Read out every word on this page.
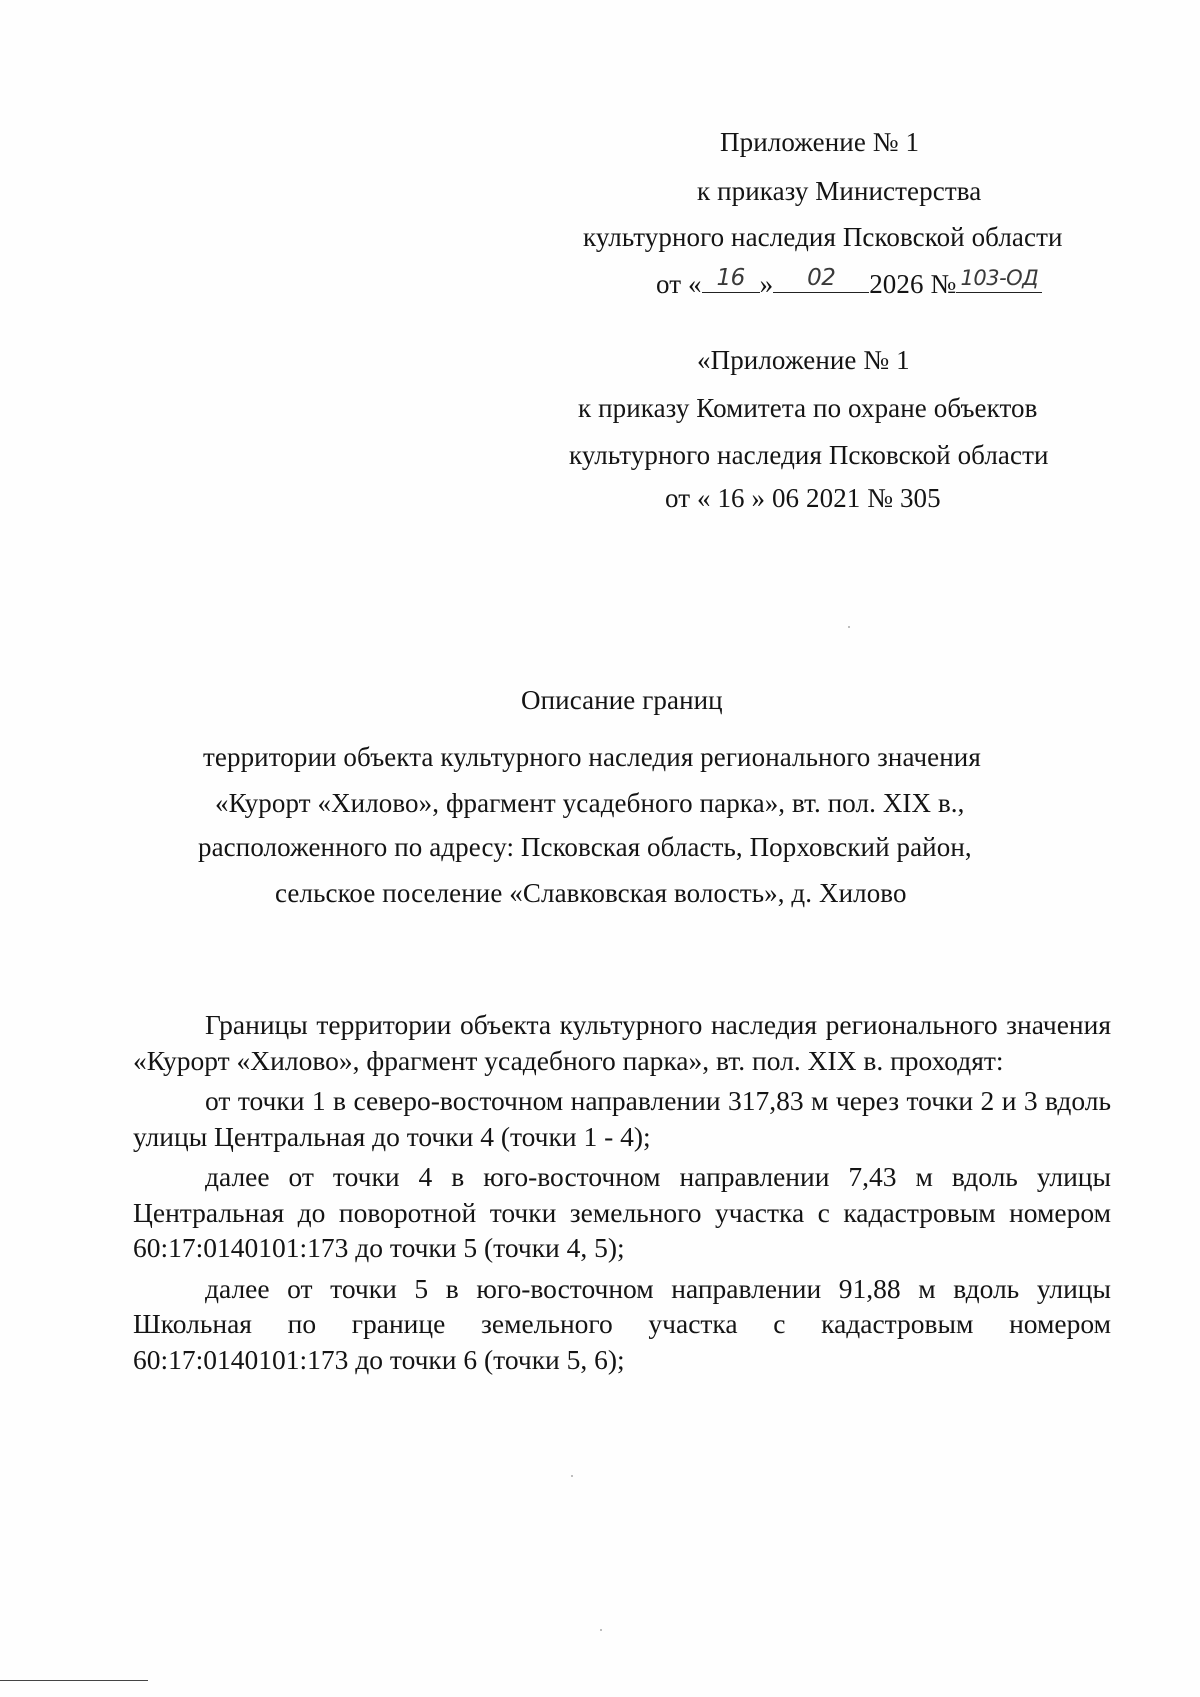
Приложение № 1
к приказу Министерства
культурного наследия Псковской области
от « 16 »	02	2026 № 103-ОД
«Приложение № 1
к приказу Комитета по охране объектов
культурного наследия Псковской области
от « 16 » 06 2021 № 305
Описание границ
территории объекта культурного наследия регионального значения
«Курорт «Хилово», фрагмент усадебного парка», вт. пол. XIX в.,
расположенного по адресу: Псковская область, Порховский район,
сельское поселение «Славковская волость», д. Хилово

Границы территории объекта культурного наследия регионального значения «Курорт «Хилово», фрагмент усадебного парка», вт. пол. XIX в. проходят:

от точки 1 в северо-восточном направлении 317,83 м через точки 2 и 3 вдоль улицы Центральная до точки 4 (точки 1 - 4);

далее от точки 4 в юго-восточном направлении 7,43 м вдоль улицы Центральная до поворотной точки земельного участка с кадастровым номером 60:17:0140101:173 до точки 5 (точки 4, 5);

далее от точки 5 в юго-восточном направлении 91,88 м вдоль улицы Школьная по границе земельного участка с кадастровым номером 60:17:0140101:173 до точки 6 (точки 5, 6);
